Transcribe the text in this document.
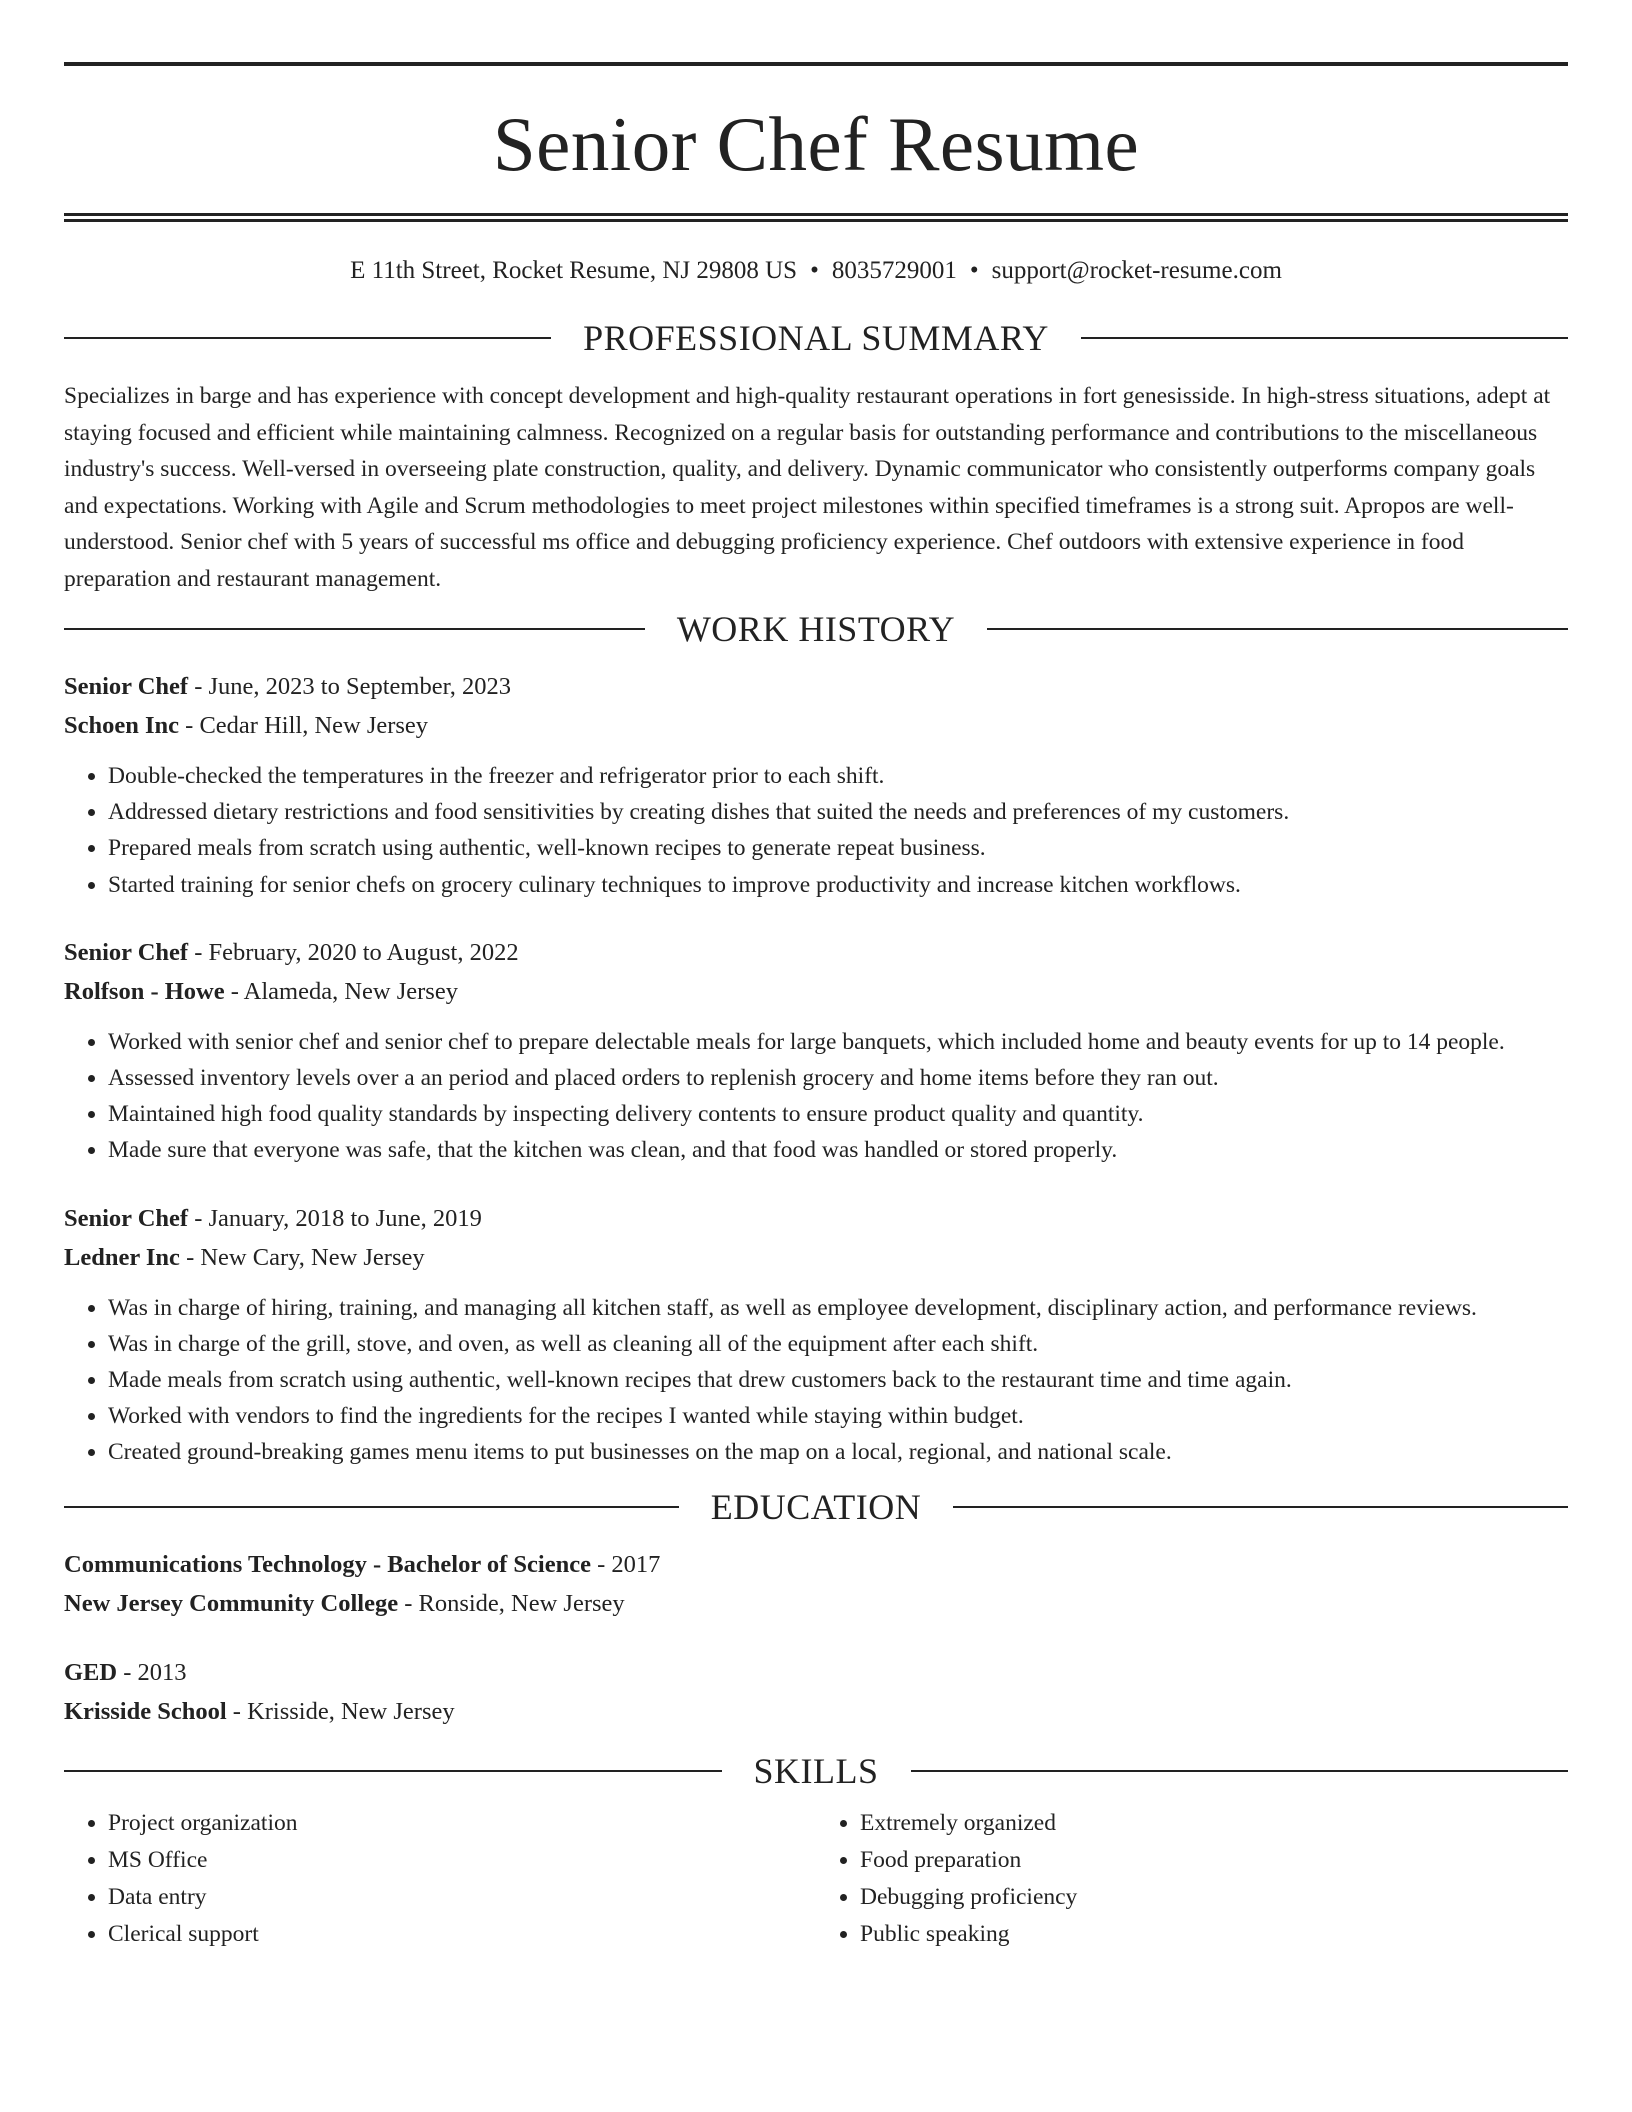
Senior Chef Resume
E 11th Street, Rocket Resume, NJ 29808 US • 8035729001 • support@rocket-resume.com
PROFESSIONAL SUMMARY

Specializes in barge and has experience with concept development and high-quality restaurant operations in fort genesisside. In high-stress situations, adept at staying focused and efficient while maintaining calmness. Recognized on a regular basis for outstanding performance and contributions to the miscellaneous industry's success. Well-versed in overseeing plate construction, quality, and delivery. Dynamic communicator who consistently outperforms company goals and expectations. Working with Agile and Scrum methodologies to meet project milestones within specified timeframes is a strong suit. Apropos are well-understood. Senior chef with 5 years of successful ms office and debugging proficiency experience. Chef outdoors with extensive experience in food preparation and restaurant management.

WORK HISTORY
Senior Chef - June, 2023 to September, 2023
Schoen Inc - Cedar Hill, New Jersey
• Double-checked the temperatures in the freezer and refrigerator prior to each shift.
• Addressed dietary restrictions and food sensitivities by creating dishes that suited the needs and preferences of my customers.
• Prepared meals from scratch using authentic, well-known recipes to generate repeat business.
• Started training for senior chefs on grocery culinary techniques to improve productivity and increase kitchen workflows.
Senior Chef - February, 2020 to August, 2022
Rolfson - Howe - Alameda, New Jersey
• Worked with senior chef and senior chef to prepare delectable meals for large banquets, which included home and beauty events for up to 14 people.
• Assessed inventory levels over a an period and placed orders to replenish grocery and home items before they ran out.
• Maintained high food quality standards by inspecting delivery contents to ensure product quality and quantity.
• Made sure that everyone was safe, that the kitchen was clean, and that food was handled or stored properly.
Senior Chef - January, 2018 to June, 2019
Ledner Inc - New Cary, New Jersey
• Was in charge of hiring, training, and managing all kitchen staff, as well as employee development, disciplinary action, and performance reviews.
• Was in charge of the grill, stove, and oven, as well as cleaning all of the equipment after each shift.
• Made meals from scratch using authentic, well-known recipes that drew customers back to the restaurant time and time again.
• Worked with vendors to find the ingredients for the recipes I wanted while staying within budget.
• Created ground-breaking games menu items to put businesses on the map on a local, regional, and national scale.
EDUCATION
Communications Technology - Bachelor of Science - 2017
New Jersey Community College - Ronside, New Jersey
GED - 2013
Krisside School - Krisside, New Jersey
SKILLS
• Project organization
• MS Office
• Data entry
• Clerical support
• Extremely organized
• Food preparation
• Debugging proficiency
• Public speaking
